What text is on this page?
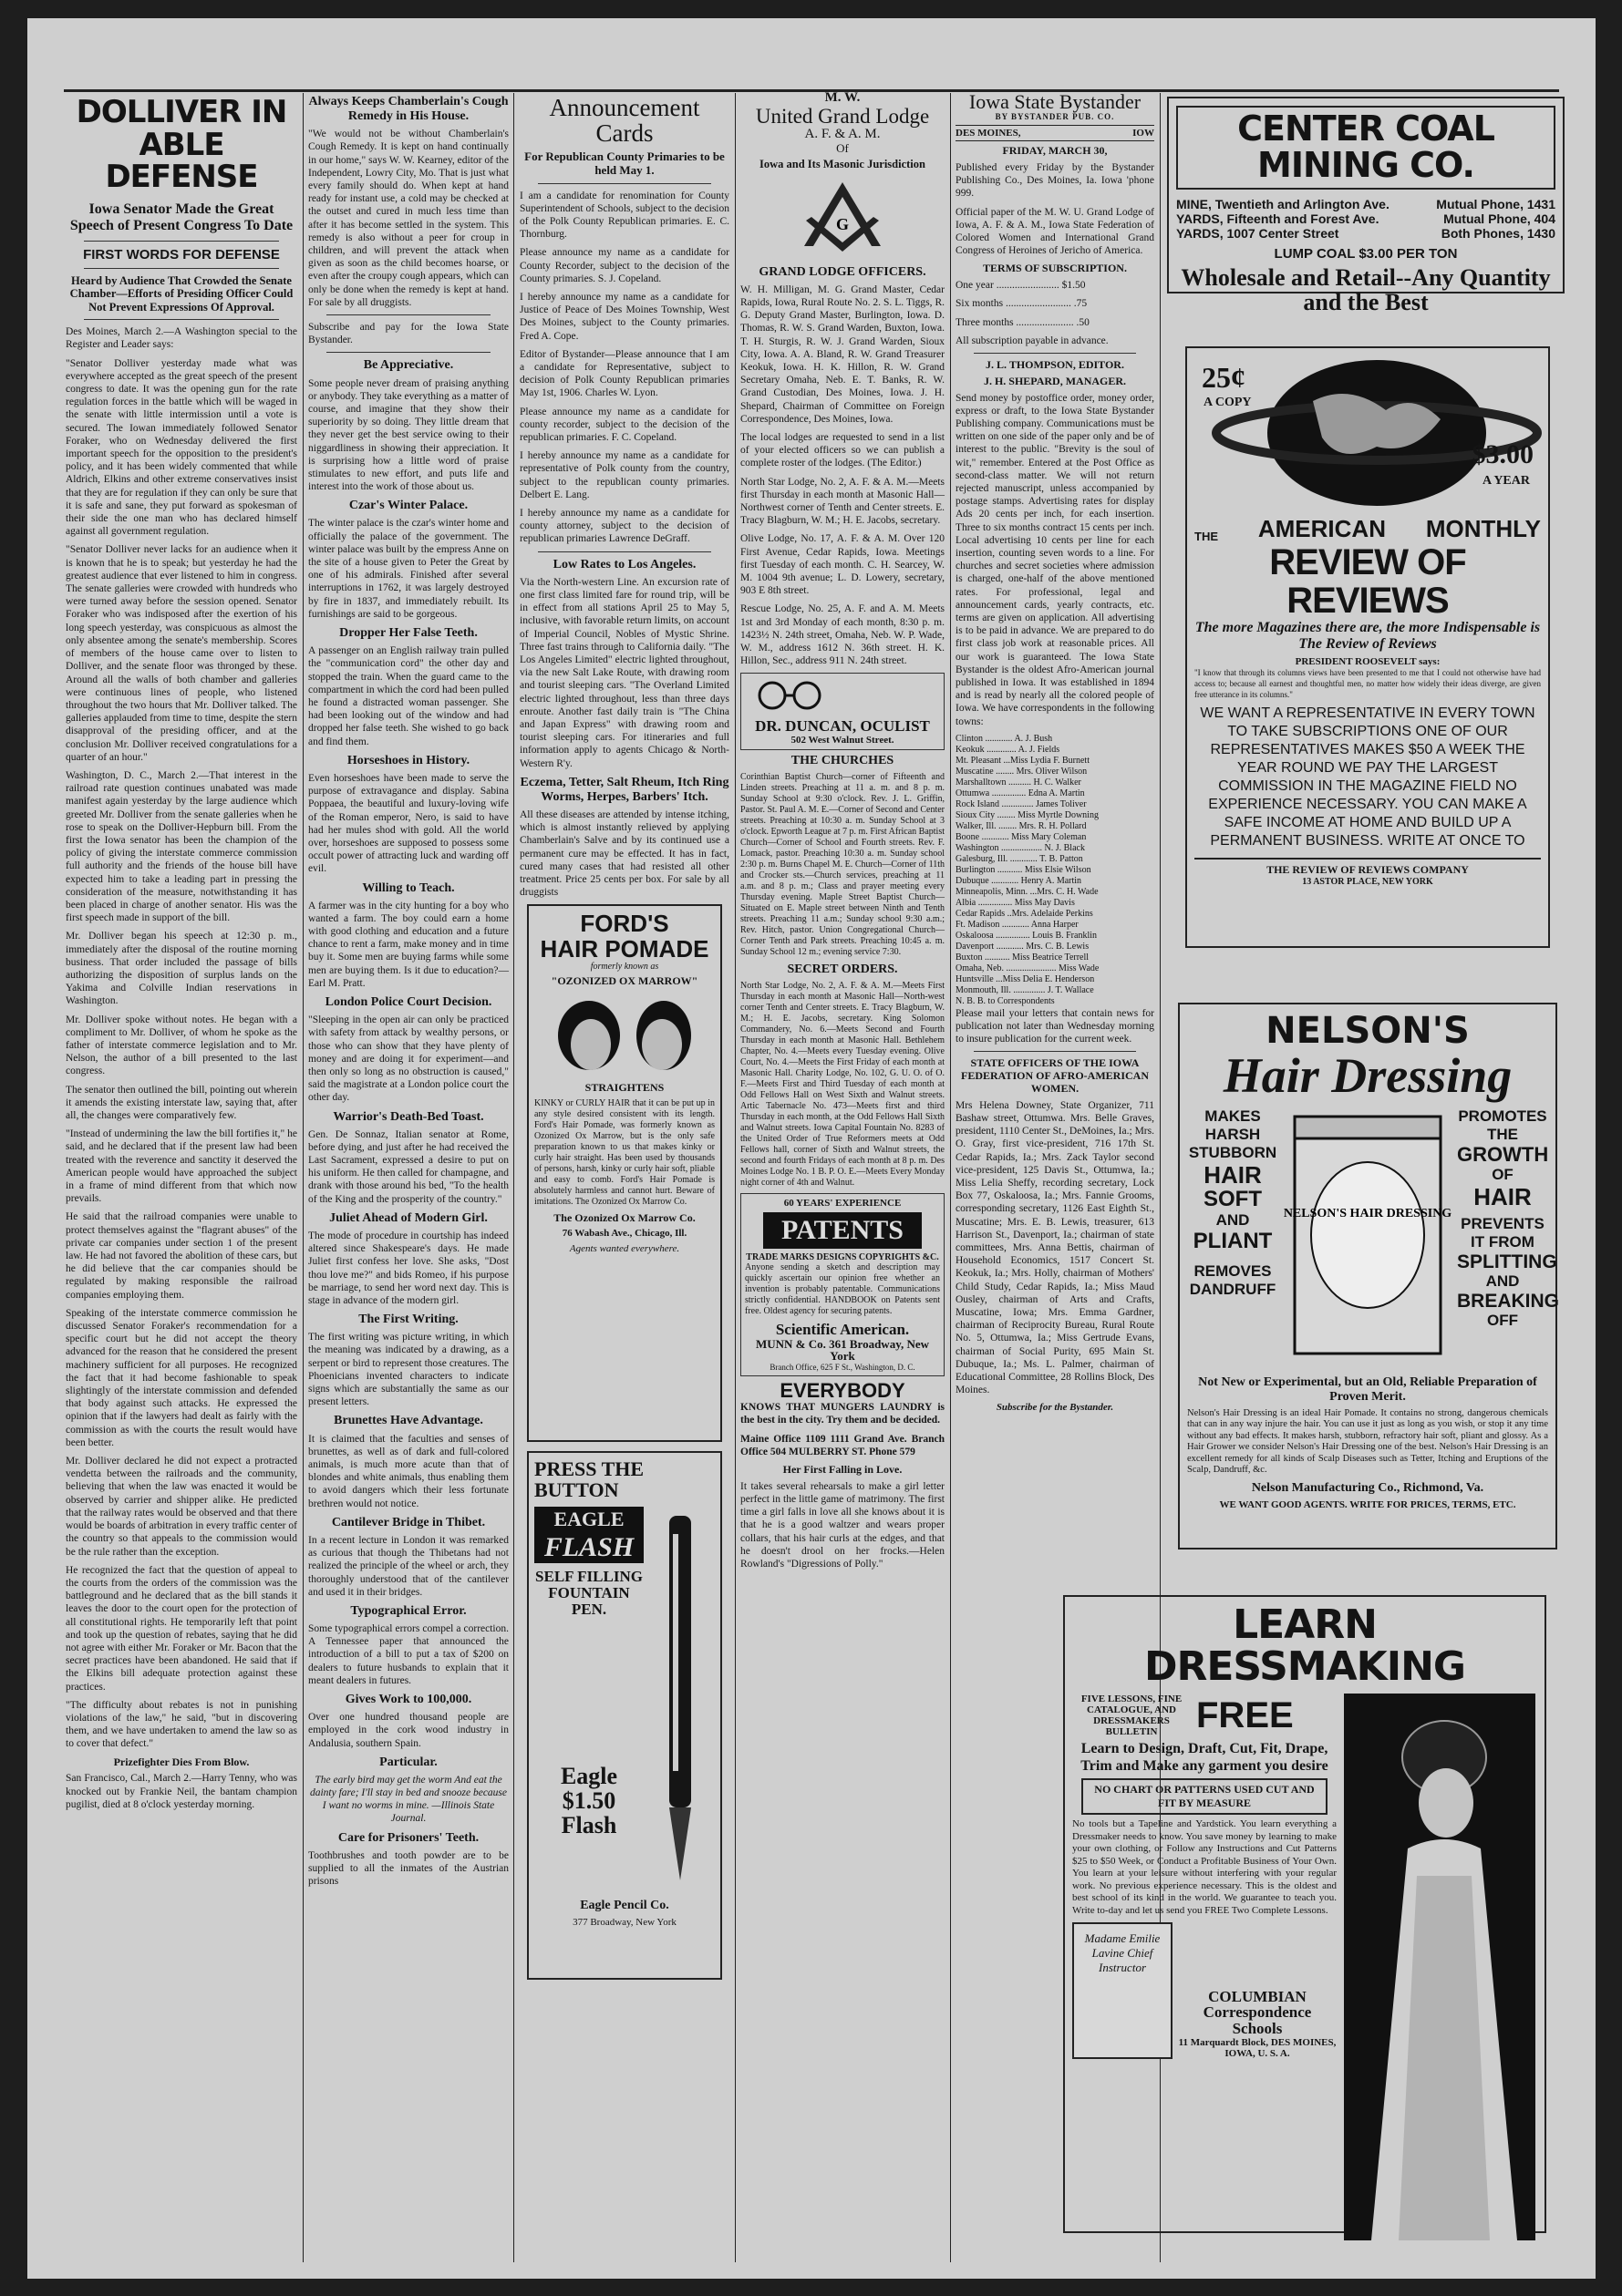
DOLLIVER IN
ABLE DEFENSE
Iowa Senator Made the Great Speech of Present Congress To Date
FIRST WORDS FOR DEFENSE
Heard by Audience That Crowded the Senate Chamber—Efforts of Presiding Officer Could Not Prevent Expressions Of Approval.

Des Moines, March 2.—A Washington special to the Register and Leader says:

"Senator Dolliver yesterday made what was everywhere accepted as the great speech of the present congress to date. It was the opening gun for the rate regulation forces in the battle which will be waged in the senate with little intermission until a vote is secured. The Iowan immediately followed Senator Foraker, who on Wednesday delivered the first important speech for the opposition to the president's policy, and it has been widely commented that while Aldrich, Elkins and other extreme conservatives insist that they are for regulation if they can only be sure that it is safe and sane, they put forward as spokesman of their side the one man who has declared himself against all government regulation.

"Senator Dolliver never lacks for an audience when it is known that he is to speak; but yesterday he had the greatest audience that ever listened to him in congress. The senate galleries were crowded with hundreds who were turned away before the session opened. Senator Foraker who was indisposed after the exertion of his long speech yesterday, was conspicuous as almost the only absentee among the senate's membership. Scores of members of the house came over to listen to Dolliver, and the senate floor was thronged by these. Around all the walls of both chamber and galleries were continuous lines of people, who listened throughout the two hours that Mr. Dolliver talked. The galleries applauded from time to time, despite the stern disapproval of the presiding officer, and at the conclusion Mr. Dolliver received congratulations for a quarter of an hour."

Washington, D. C., March 2.—That interest in the railroad rate question continues unabated was made manifest again yesterday by the large audience which greeted Mr. Dolliver from the senate galleries when he rose to speak on the Dolliver-Hepburn bill. From the first the Iowa senator has been the champion of the policy of giving the interstate commerce commission full authority and the friends of the house bill have expected him to take a leading part in pressing the consideration of the measure, notwithstanding it has been placed in charge of another senator. His was the first speech made in support of the bill.

Mr. Dolliver began his speech at 12:30 p. m., immediately after the disposal of the routine morning business. That order included the passage of bills authorizing the disposition of surplus lands on the Yakima and Colville Indian reservations in Washington.

Mr. Dolliver spoke without notes. He began with a compliment to Mr. Dolliver, of whom he spoke as the father of interstate commerce legislation and to Mr. Nelson, the author of a bill presented to the last congress.

The senator then outlined the bill, pointing out wherein it amends the existing interstate law, saying that, after all, the changes were comparatively few.

"Instead of undermining the law the bill fortifies it," he said, and he declared that if the present law had been treated with the reverence and sanctity it deserved the American people would have approached the subject in a frame of mind different from that which now prevails.

He said that the railroad companies were unable to protect themselves against the "flagrant abuses" of the private car companies under section 1 of the present law. He had not favored the abolition of these cars, but he did believe that the car companies should be regulated by making responsible the railroad companies employing them.

Speaking of the interstate commerce commission he discussed Senator Foraker's recommendation for a specific court but he did not accept the theory advanced for the reason that he considered the present machinery sufficient for all purposes. He recognized the fact that it had become fashionable to speak slightingly of the interstate commission and defended that body against such attacks. He expressed the opinion that if the lawyers had dealt as fairly with the commission as with the courts the result would have been better.

Mr. Dolliver declared he did not expect a protracted vendetta between the railroads and the community, believing that when the law was enacted it would be observed by carrier and shipper alike. He predicted that the railway rates would be observed and that there would be boards of arbitration in every traffic center of the country so that appeals to the commission would be the rule rather than the exception.

He recognized the fact that the question of appeal to the courts from the orders of the commission was the battleground and he declared that as the bill stands it leaves the door to the court open for the protection of all constitutional rights. He temporarily left that point and took up the question of rebates, saying that he did not agree with either Mr. Foraker or Mr. Bacon that the secret practices have been abandoned. He said that if the Elkins bill adequate protection against these practices.

"The difficulty about rebates is not in punishing violations of the law," he said, "but in discovering them, and we have undertaken to amend the law so as to cover that defect."

Prizefighter Dies From Blow.

San Francisco, Cal., March 2.—Harry Tenny, who was knocked out by Frankie Neil, the bantam champion pugilist, died at 8 o'clock yesterday morning.

Always Keeps Chamberlain's Cough Remedy in His House.

"We would not be without Chamberlain's Cough Remedy. It is kept on hand continually in our home," says W. W. Kearney, editor of the Independent, Lowry City, Mo. That is just what every family should do. When kept at hand ready for instant use, a cold may be checked at the outset and cured in much less time than after it has become settled in the system. This remedy is also without a peer for croup in children, and will prevent the attack when given as soon as the child becomes hoarse, or even after the croupy cough appears, which can only be done when the remedy is kept at hand. For sale by all druggists.

Subscribe and pay for the Iowa State Bystander.

Be Appreciative.

Some people never dream of praising anything or anybody. They take everything as a matter of course, and imagine that they show their superiority by so doing. They little dream that they never get the best service owing to their niggardliness in showing their appreciation. It is surprising how a little word of praise stimulates to new effort, and puts life and interest into the work of those about us.

Czar's Winter Palace.

The winter palace is the czar's winter home and officially the palace of the government. The winter palace was built by the empress Anne on the site of a house given to Peter the Great by one of his admirals. Finished after several interruptions in 1762, it was largely destroyed by fire in 1837, and immediately rebuilt. Its furnishings are said to be gorgeous.

Dropper Her False Teeth.

A passenger on an English railway train pulled the "communication cord" the other day and stopped the train. When the guard came to the compartment in which the cord had been pulled he found a distracted woman passenger. She had been looking out of the window and had dropped her false teeth. She wished to go back and find them.

Horseshoes in History.

Even horseshoes have been made to serve the purpose of extravagance and display. Sabina Poppaea, the beautiful and luxury-loving wife of the Roman emperor, Nero, is said to have had her mules shod with gold. All the world over, horseshoes are supposed to possess some occult power of attracting luck and warding off evil.

Willing to Teach.

A farmer was in the city hunting for a boy who wanted a farm. The boy could earn a home with good clothing and education and a future chance to rent a farm, make money and in time buy it. Some men are buying farms while some men are buying them. Is it due to education?—Earl M. Pratt.

London Police Court Decision.

"Sleeping in the open air can only be practiced with safety from attack by wealthy persons, or those who can show that they have plenty of money and are doing it for experiment—and then only so long as no obstruction is caused," said the magistrate at a London police court the other day.

Warrior's Death-Bed Toast.

Gen. De Sonnaz, Italian senator at Rome, before dying, and just after he had received the Last Sacrament, expressed a desire to put on his uniform. He then called for champagne, and drank with those around his bed, "To the health of the King and the prosperity of the country."

Juliet Ahead of Modern Girl.

The mode of procedure in courtship has indeed altered since Shakespeare's days. He made Juliet first confess her love. She asks, "Dost thou love me?" and bids Romeo, if his purpose be marriage, to send her word next day. This is stage in advance of the modern girl.

The First Writing.

The first writing was picture writing, in which the meaning was indicated by a drawing, as a serpent or bird to represent those creatures. The Phoenicians invented characters to indicate signs which are substantially the same as our present letters.

Brunettes Have Advantage.

It is claimed that the faculties and senses of brunettes, as well as of dark and full-colored animals, is much more acute than that of blondes and white animals, thus enabling them to avoid dangers which their less fortunate brethren would not notice.

Cantilever Bridge in Thibet.

In a recent lecture in London it was remarked as curious that though the Thibetans had not realized the principle of the wheel or arch, they thoroughly understood that of the cantilever and used it in their bridges.

Typographical Error.

Some typographical errors compel a correction. A Tennessee paper that announced the introduction of a bill to put a tax of $200 on dealers to future husbands to explain that it meant dealers in futures.

Gives Work to 100,000.

Over one hundred thousand people are employed in the cork wood industry in Andalusia, southern Spain.

Particular.

The early bird may get the worm And eat the dainty fare; I'll stay in bed and snooze because I want no worms in mine. —Illinois State Journal.

Care for Prisoners' Teeth.

Toothbrushes and tooth powder are to be supplied to all the inmates of the Austrian prisons

Announcement Cards
For Republican County Primaries to be held May 1.

I am a candidate for renomination for County Superintendent of Schools, subject to the decision of the Polk County Republican primaries. E. C. Thornburg.

Please announce my name as a candidate for County Recorder, subject to the decision of the County primaries. S. J. Copeland.

I hereby announce my name as a candidate for Justice of Peace of Des Moines Township, West Des Moines, subject to the County primaries. Fred A. Cope.

Editor of Bystander—Please announce that I am a candidate for Representative, subject to decision of Polk County Republican primaries May 1st, 1906. Charles W. Lyon.

Please announce my name as a candidate for county recorder, subject to the decision of the republican primaries. F. C. Copeland.

I hereby announce my name as a candidate for representative of Polk county from the country, subject to the republican county primaries. Delbert E. Lang.

I hereby announce my name as a candidate for county attorney, subject to the decision of republican primaries Lawrence DeGraff.

Low Rates to Los Angeles.

Via the North-western Line. An excursion rate of one first class limited fare for round trip, will be in effect from all stations April 25 to May 5, inclusive, with favorable return limits, on account of Imperial Council, Nobles of Mystic Shrine. Three fast trains through to California daily. "The Los Angeles Limited" electric lighted throughout, via the new Salt Lake Route, with drawing room and tourist sleeping cars. "The Overland Limited electric lighted throughout, less than three days enroute. Another fast daily train is "The China and Japan Express" with drawing room and tourist sleeping cars. For itineraries and full information apply to agents Chicago & North-Western R'y.

Eczema, Tetter, Salt Rheum, Itch Ring Worms, Herpes, Barbers' Itch.

All these diseases are attended by intense itching, which is almost instantly relieved by applying Chamberlain's Salve and by its continued use a permanent cure may be effected. It has in fact, cured many cases that had resisted all other treatment. Price 25 cents per box. For sale by all druggists

FORD'S
HAIR POMADE
formerly known as
"OZONIZED OX MARROW"
STRAIGHTENS

KINKY or CURLY HAIR that it can be put up in any style desired consistent with its length. Ford's Hair Pomade, was formerly known as Ozonized Ox Marrow, but is the only safe preparation known to us that makes kinky or curly hair straight. Has been used by thousands of persons, harsh, kinky or curly hair soft, pliable and easy to comb. Ford's Hair Pomade is absolutely harmless and cannot hurt. Beware of imitations. The Ozonized Ox Marrow Co.

The Ozonized Ox Marrow Co.
76 Wabash Ave., Chicago, Ill.
Agents wanted everywhere.
PRESS THE BUTTON
EAGLE
FLASH
SELF FILLING FOUNTAIN PEN.
Eagle $1.50 Flash
Eagle Pencil Co.
377 Broadway, New York
M. W.
United Grand Lodge
A. F. & A. M.
Of
Iowa and Its Masonic Jurisdiction
G
GRAND LODGE OFFICERS.

W. H. Milligan, M. G. Grand Master, Cedar Rapids, Iowa, Rural Route No. 2. S. L. Tiggs, R. G. Deputy Grand Master, Burlington, Iowa. D. Thomas, R. W. S. Grand Warden, Buxton, Iowa. T. H. Sturgis, R. W. J. Grand Warden, Sioux City, Iowa. A. A. Bland, R. W. Grand Treasurer Keokuk, Iowa. H. K. Hillon, R. W. Grand Secretary Omaha, Neb. E. T. Banks, R. W. Grand Custodian, Des Moines, Iowa. J. H. Shepard, Chairman of Committee on Foreign Correspondence, Des Moines, Iowa.

The local lodges are requested to send in a list of your elected officers so we can publish a complete roster of the lodges. (The Editor.)

North Star Lodge, No. 2, A. F. & A. M.—Meets first Thursday in each month at Masonic Hall—Northwest corner of Tenth and Center streets. E. Tracy Blagburn, W. M.; H. E. Jacobs, secretary.

Olive Lodge, No. 17, A. F. & A. M. Over 120 First Avenue, Cedar Rapids, Iowa. Meetings first Tuesday of each month. C. H. Searcey, W. M. 1004 9th avenue; L. D. Lowery, secretary, 903 E 8th street.

Rescue Lodge, No. 25, A. F. and A. M. Meets 1st and 3rd Monday of each month, 8:30 p. m. 1423½ N. 24th street, Omaha, Neb. W. P. Wade, W. M., address 1612 N. 36th street. H. K. Hillon, Sec., address 911 N. 24th street.

DR. DUNCAN, OCULIST
502 West Walnut Street.
THE CHURCHES

Corinthian Baptist Church—corner of Fifteenth and Linden streets. Preaching at 11 a. m. and 8 p. m. Sunday School at 9:30 o'clock. Rev. J. L. Griffin, Pastor. St. Paul A. M. E.—Corner of Second and Center streets. Preaching at 10:30 a. m. Sunday School at 3 o'clock. Epworth League at 7 p. m. First African Baptist Church—Corner of School and Fourth streets. Rev. F. Lomack, pastor. Preaching 10:30 a. m. Sunday school 2:30 p. m. Burns Chapel M. E. Church—Corner of 11th and Crocker sts.—Church services, preaching at 11 a.m. and 8 p. m.; Class and prayer meeting every Thursday evening. Maple Street Baptist Church—Situated on E. Maple street between Ninth and Tenth streets. Preaching 11 a.m.; Sunday school 9:30 a.m.; Rev. Hitch, pastor. Union Congregational Church—Corner Tenth and Park streets. Preaching 10:45 a. m. Sunday School 12 m.; evening service 7:30.

SECRET ORDERS.

North Star Lodge, No. 2, A. F. & A. M.—Meets First Thursday in each month at Masonic Hall—North-west corner Tenth and Center streets. E. Tracy Blagburn, W. M.; H. E. Jacobs, secretary. King Solomon Commandery, No. 6.—Meets Second and Fourth Thursday in each month at Masonic Hall. Bethlehem Chapter, No. 4.—Meets every Tuesday evening. Olive Court, No. 4.—Meets the First Friday of each month at Masonic Hall. Charity Lodge, No. 102, G. U. O. of O. F.—Meets First and Third Tuesday of each month at Odd Fellows Hall on West Sixth and Walnut streets. Artic Tabernacle No. 473—Meets first and third Thursday in each month, at the Odd Fellows Hall Sixth and Walnut streets. Iowa Capital Fountain No. 8283 of the United Order of True Reformers meets at Odd Fellows hall, corner of Sixth and Walnut streets, the second and fourth Fridays of each month at 8 p. m. Des Moines Lodge No. 1 B. P. O. E.—Meets Every Monday night corner of 4th and Walnut.

60 YEARS' EXPERIENCE
PATENTS
TRADE MARKS DESIGNS COPYRIGHTS &C.

Anyone sending a sketch and description may quickly ascertain our opinion free whether an invention is probably patentable. Communications strictly confidential. HANDBOOK on Patents sent free. Oldest agency for securing patents.

Scientific American.
MUNN & Co. 361 Broadway, New York
Branch Office, 625 F St., Washington, D. C.
EVERYBODY

KNOWS THAT MUNGERS LAUNDRY is the best in the city. Try them and be decided.

Maine Office 1109 1111 Grand Ave. Branch Office 504 MULBERRY ST. Phone 579

Her First Falling in Love.

It takes several rehearsals to make a girl letter perfect in the little game of matrimony. The first time a girl falls in love all she knows about it is that he is a good waltzer and wears proper collars, that his hair curls at the edges, and that he doesn't drool on her frocks.—Helen Rowland's "Digressions of Polly."

Iowa State Bystander
BY BYSTANDER PUB. CO.
DES MOINES,	IOW
FRIDAY, MARCH 30,

Published every Friday by the Bystander Publishing Co., Des Moines, Ia. Iowa 'phone 999.

Official paper of the M. W. U. Grand Lodge of Iowa, A. F. & A. M., Iowa State Federation of Colored Women and International Grand Congress of Heroines of Jericho of America.

TERMS OF SUBSCRIPTION.
One year ........................ $1.50
Six months ......................... .75
Three months ...................... .50
All subscription payable in advance.
J. L. THOMPSON, EDITOR.
J. H. SHEPARD, MANAGER.

Send money by postoffice order, money order, express or draft, to the Iowa State Bystander Publishing company. Communications must be written on one side of the paper only and be of interest to the public. "Brevity is the soul of wit," remember. Entered at the Post Office as second-class matter. We will not return rejected manuscript, unless accompanied by postage stamps. Advertising rates for display Ads 20 cents per inch, for each insertion. Three to six months contract 15 cents per inch. Local advertising 10 cents per line for each insertion, counting seven words to a line. For churches and secret societies where admission is charged, one-half of the above mentioned rates. For professional, legal and announcement cards, yearly contracts, etc. terms are given on application. All advertising is to be paid in advance. We are prepared to do first class job work at reasonable prices. All our work is guaranteed. The Iowa State Bystander is the oldest Afro-American journal published in Iowa. It was established in 1894 and is read by nearly all the colored people of Iowa. We have correspondents in the following towns:

Clinton ............ A. J. Bush
Keokuk ............. A. J. Fields
Mt. Pleasant ...Miss Lydia F. Burnett
Muscatine ........ Mrs. Oliver Wilson
Marshalltown .......... H. C. Walker
Ottumwa ............... Edna A. Martin
Rock Island .............. James Toliver
Sioux City ........ Miss Myrtle Downing
Walker, Ill. ........ Mrs. R. H. Pollard
Boone ............ Miss Mary Coleman
Washington .................. N. J. Black
Galesburg, Ill. ............ T. B. Patton
Burlington ........... Miss Elsie Wilson
Dubuque ............ Henry A. Martin
Minneapolis, Minn. ...Mrs. C. H. Wade
Albia ............... Miss May Davis
Cedar Rapids ..Mrs. Adelaide Perkins
Ft. Madison ............ Anna Harper
Oskaloosa ............... Louis B. Franklin
Davenport ............ Mrs. C. B. Lewis
Buxton ........... Miss Beatrice Terrell
Omaha, Neb. ...................... Miss Wade
Huntsville ...Miss Delia E. Henderson
Monmouth, Ill. .............. J. T. Wallace
N. B. B. to Correspondents

Please mail your letters that contain news for publication not later than Wednesday morning to insure publication for the current week.

STATE OFFICERS OF THE IOWA FEDERATION OF AFRO-AMERICAN WOMEN.

Mrs Helena Downey, State Organizer, 711 Bashaw street, Ottumwa. Mrs. Belle Graves, president, 1110 Center St., DeMoines, Ia.; Mrs. O. Gray, first vice-president, 716 17th St. Cedar Rapids, Ia.; Mrs. Zack Taylor second vice-president, 125 Davis St., Ottumwa, Ia.; Miss Lelia Sheffy, recording secretary, Lock Box 77, Oskaloosa, Ia.; Mrs. Fannie Grooms, corresponding secretary, 1126 East Eighth St., Muscatine; Mrs. E. B. Lewis, treasurer, 613 Harrison St., Davenport, Ia.; chairman of state committees, Mrs. Anna Bettis, chairman of Household Economics, 1517 Concert St. Keokuk, Ia.; Mrs. Holly, chairman of Mothers' Child Study, Cedar Rapids, Ia.; Miss Maud Ousley, chairman of Arts and Crafts, Muscatine, Iowa; Mrs. Emma Gardner, chairman of Reciprocity Bureau, Rural Route No. 5, Ottumwa, Ia.; Miss Gertrude Evans, chairman of Social Purity, 695 Main St. Dubuque, Ia.; Ms. L. Palmer, chairman of Educational Committee, 28 Rollins Block, Des Moines.

Subscribe for the Bystander.
CENTER COAL MINING CO.
MINE, Twentieth and Arlington Ave.	Mutual Phone, 1431
YARDS, Fifteenth and Forest Ave.	Mutual Phone, 404
YARDS, 1007 Center Street	Both Phones, 1430
LUMP COAL $3.00 PER TON
Wholesale and Retail--Any Quantity and the Best
25¢
A COPY
$3.00
A YEAR
THE AMERICAN MONTHLY
REVIEW OF REVIEWS
The more Magazines there are, the more Indispensable is The Review of Reviews
PRESIDENT ROOSEVELT says:

"I know that through its columns views have been presented to me that I could not otherwise have had access to; because all earnest and thoughtful men, no matter how widely their ideas diverge, are given free utterance in its columns."

WE WANT A REPRESENTATIVE IN EVERY TOWN TO TAKE SUBSCRIPTIONS ONE OF OUR REPRESENTATIVES MAKES $50 A WEEK THE YEAR ROUND WE PAY THE LARGEST COMMISSION IN THE MAGAZINE FIELD NO EXPERIENCE NECESSARY. YOU CAN MAKE A SAFE INCOME AT HOME AND BUILD UP A PERMANENT BUSINESS. WRITE AT ONCE TO
THE REVIEW OF REVIEWS COMPANY
13 ASTOR PLACE, NEW YORK
NELSON'S
Hair Dressing
MAKES
HARSH
STUBBORN
HAIR
SOFT
AND
PLIANT
REMOVES
DANDRUFF
NELSON'S HAIR DRESSING
PROMOTES
THE
GROWTH
OF
HAIR
PREVENTS
IT FROM
SPLITTING
AND
BREAKING
OFF
Not New or Experimental, but an Old, Reliable Preparation of Proven Merit.

Nelson's Hair Dressing is an ideal Hair Pomade. It contains no strong, dangerous chemicals that can in any way injure the hair. You can use it just as long as you wish, or stop it any time without any bad effects. It makes harsh, stubborn, refractory hair soft, pliant and glossy. As a Hair Grower we consider Nelson's Hair Dressing one of the best. Nelson's Hair Dressing is an excellent remedy for all kinds of Scalp Diseases such as Tetter, Itching and Eruptions of the Scalp, Dandruff, &c.

Nelson Manufacturing Co., Richmond, Va.
WE WANT GOOD AGENTS. WRITE FOR PRICES, TERMS, ETC.
LEARN DRESSMAKING
FIVE LESSONS, FINE CATALOGUE, AND DRESSMAKERS BULLETIN	FREE
Learn to Design, Draft, Cut, Fit, Drape, Trim and Make any garment you desire
NO CHART OR PATTERNS USED CUT AND FIT BY MEASURE

No tools but a Tapeline and Yardstick. You learn everything a Dressmaker needs to know. You save money by learning to make your own clothing, or Follow any Instructions and Cut Patterns $25 to $50 Week, or Conduct a Profitable Business of Your Own. You learn at your leisure without interfering with your regular work. No previous experience necessary. This is the oldest and best school of its kind in the world. We guarantee to teach you. Write to-day and let us send you FREE Two Complete Lessons.

Madame Emilie Lavine Chief Instructor
COLUMBIAN Correspondence Schools
11 Marquardt Block, DES MOINES, IOWA, U. S. A.
